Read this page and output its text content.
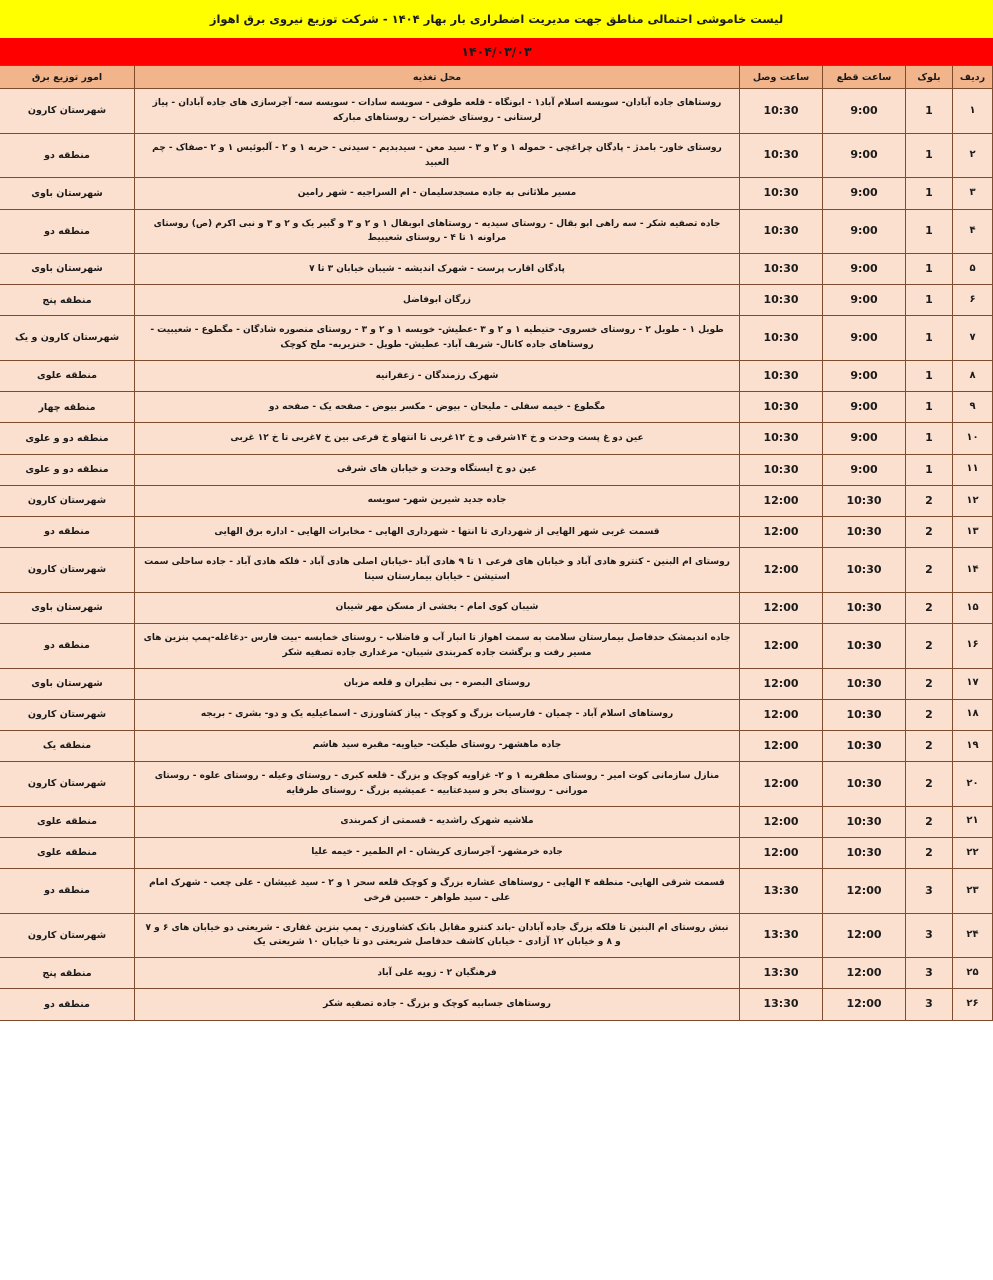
لیست خاموشی احتمالی مناطق جهت مدیریت اضطراری بار بهار ۱۴۰۴ - شرکت توزیع نیروی برق اهواز
۱۴۰۴/۰۳/۰۳
ردیف	بلوک	ساعت قطع	ساعت وصل	محل تغذیه	امور توزیع برق
۱	1	9:00	10:30	روستاهای جاده آبادان- سویسه اسلام آباد۱ - ابونگاه - قلعه طوقی - سویسه سادات - سویسه سه- آجرسازی های جاده آبادان - پیاز لرستانی - روستای خضیرات - روستاهای مبارکه	شهرستان کارون
۲	1	9:00	10:30	روستای خاور- بامدژ - پادگان چراغچی - حموله ۱ و ۲ و ۳ - سید معن - سیدبدیم - سیدنی - حربه ۱ و ۲ - آلبوئیس ۱ و ۲ -صفاک - چم العبید	منطقه دو
۳	1	9:00	10:30	مسیر ملاثانی به جاده مسجدسلیمان - ام السراجیه - شهر رامین	شهرستان باوی
۴	1	9:00	10:30	جاده تصفیه شکر - سه راهی ابو بقال - روستای سیدیه - روستاهای ابوبقال ۱ و ۲ و ۳ و گبیر یک و ۲ و ۳ و نبی اکرم (ص) روستای مراونه ۱ تا ۴ - روستای شعیبیط	منطقه دو
۵	1	9:00	10:30	پادگان اقارب پرست - شهرک اندیشه - شیبان خیابان ۳ تا ۷	شهرستان باوی
۶	1	9:00	10:30	زرگان ابوفاضل	منطقه پنج
۷	1	9:00	10:30	طویل ۱ - طویل ۲ - روستای خسروی- حنیطیه ۱ و ۲ و ۳ -عطیش- خویسه ۱ و ۲ و ۳ - روستای منصوره شادگان - مگطوع - شعیبیت - روستاهای جاده کانال- شریف آباد- عطیش- طویل - خنزیربه- ملح کوچک	شهرستان کارون و یک
۸	1	9:00	10:30	شهرک رزمندگان - زعفرانیه	منطقه علوی
۹	1	9:00	10:30	مگطوع - خیمه سفلی - ملیحان - بیوض - مکسر بیوض - صفحه یک - صفحه دو	منطقه چهار
۱۰	1	9:00	10:30	عین دو غ پست وحدت و خ ۱۴شرقی و خ ۱۲غربی تا انتهاو خ فرعی بین خ ۷غربی تا خ ۱۲ غربی	منطقه دو و علوی
۱۱	1	9:00	10:30	عین دو خ ایستگاه وحدت و خیابان های شرقی	منطقه دو و علوی
۱۲	2	10:30	12:00	جاده جدید شیرین شهر- سویسه	شهرستان کارون
۱۳	2	10:30	12:00	قسمت غربی شهر الهایی از شهرداری تا انتها - شهرداری الهایی - مخابرات الهایی - اداره برق الهایی	منطقه دو
۱۴	2	10:30	12:00	روستای ام البنین - کنترو هادی آباد و خیابان های فرعی ۱ تا ۹ هادی آباد -خیابان اصلی هادی آباد - فلکه هادی آباد - جاده ساحلی سمت استیشن - خیابان بیمارستان سینا	شهرستان کارون
۱۵	2	10:30	12:00	شیبان کوی امام - بخشی از مسکن مهر شیبان	شهرستان باوی
۱۶	2	10:30	12:00	جاده اندیمشک حدفاصل بیمارستان سلامت به سمت اهواز تا انبار آب و فاضلاب - روستای خمایسه -بیت فارس -دغاغله-پمپ بنزین های مسیر رفت و برگشت جاده کمربندی شیبان- مرغداری جاده تصفیه شکر	منطقه دو
۱۷	2	10:30	12:00	روستای البصره - بی نظیران و قلعه مزبان	شهرستان باوی
۱۸	2	10:30	12:00	روستاهای اسلام آباد - چمیان - فارسیات بزرگ و کوچک - پیاز کشاورزی - اسماعیلیه یک و دو- بشری - بریجه	شهرستان کارون
۱۹	2	10:30	12:00	جاده ماهشهر- روستای طیکت- حیاویه- مقبره سید هاشم	منطقه یک
۲۰	2	10:30	12:00	منازل سازمانی کوت امیر - روستای مظفریه ۱ و ۲- غزاویه کوچک و بزرگ - قلعه کبری - روستای وعیله - روستای علوه - روستای مورانی - روستای بحر و سیدعتابیه - عمیشیه بزرگ - روستای طرفایه	شهرستان کارون
۲۱	2	10:30	12:00	ملاشیه شهرک راشدیه - قسمتی از کمربندی	منطقه علوی
۲۲	2	10:30	12:00	جاده خرمشهر- آجرسازی کریشان - ام الطمیر - خیمه علیا	منطقه علوی
۲۳	3	12:00	13:30	قسمت شرقی الهایی- منطقه ۴ الهایی - روستاهای عشاره بزرگ و کوچک قلعه سحر ۱ و ۲ - سید غبیشان - علی چعب - شهرک امام علی - سید طواهر - حسین فرخی	منطقه دو
۲۴	3	12:00	13:30	نبش روستای ام البنین تا فلکه بزرگ جاده آبادان -باند کنترو مقابل بانک کشاورزی - پمپ بنزین غفاری - شریعتی دو خیابان های ۶ و ۷ و ۸ و خیابان ۱۲ آزادی - خیابان کاشف حدفاصل شریعتی دو تا خیابان ۱۰ شریعتی یک	شهرستان کارون
۲۵	3	12:00	13:30	فرهنگیان ۲ - زویه علی آباد	منطقه پنج
۲۶	3	12:00	13:30	روستاهای جسابیه کوچک و بزرگ - جاده تصفیه شکر	منطقه دو
